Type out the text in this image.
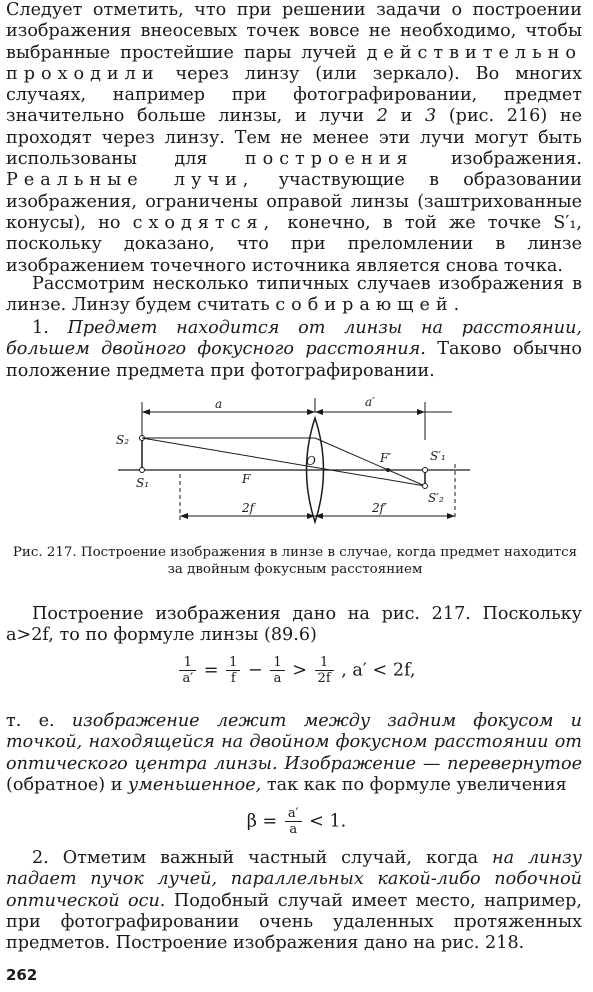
Следует отметить, что при решении задачи о построении изображения внеосевых точек вовсе не необходимо, чтобы выбранные простейшие пары лучей действительно проходили через линзу (или зеркало). Во многих случаях, например при фотографировании, предмет значительно больше линзы, и лучи 2 и 3 (рис. 216) не проходят через линзу. Тем не менее эти лучи могут быть использованы для построения изображения. Реальные лучи, участвующие в образовании изображения, ограничены оправой линзы (заштрихованные конусы), но сходятся, конечно, в той же точке S′₁, поскольку доказано, что при преломлении в линзе изображением точечного источника является снова точка.

Рассмотрим несколько типичных случаев изображения в линзе. Линзу будем считать собирающей.

1. Предмет находится от линзы на расстоянии, большем двойного фокусного расстояния. Таково обычно положение предмета при фотографировании.

a	a′
S₂
S₁
O
F
F′	S′₁
S′₂
2f	2f′
Рис. 217. Построение изображения в линзе в случае, когда предмет находится за двойным фокусным расстоянием

Построение изображения дано на рис. 217. Поскольку a>2f, то по формуле линзы (89.6)

$\frac{1}{a'} = \frac{1}{f} - \frac{1}{a} > \frac{1}{2f}$ , a′ < 2f,

т. е. изображение лежит между задним фокусом и точкой, находящейся на двойном фокусном расстоянии от оптического центра линзы. Изображение — перевернутое (обратное) и уменьшенное, так как по формуле увеличения

$\beta = \frac{a'}{a} < 1$.

2. Отметим важный частный случай, когда на линзу падает пучок лучей, параллельных какой-либо побочной оптической оси. Подобный случай имеет место, например, при фотографировании очень удаленных протяженных предметов. Построение изображения дано на рис. 218.

262
